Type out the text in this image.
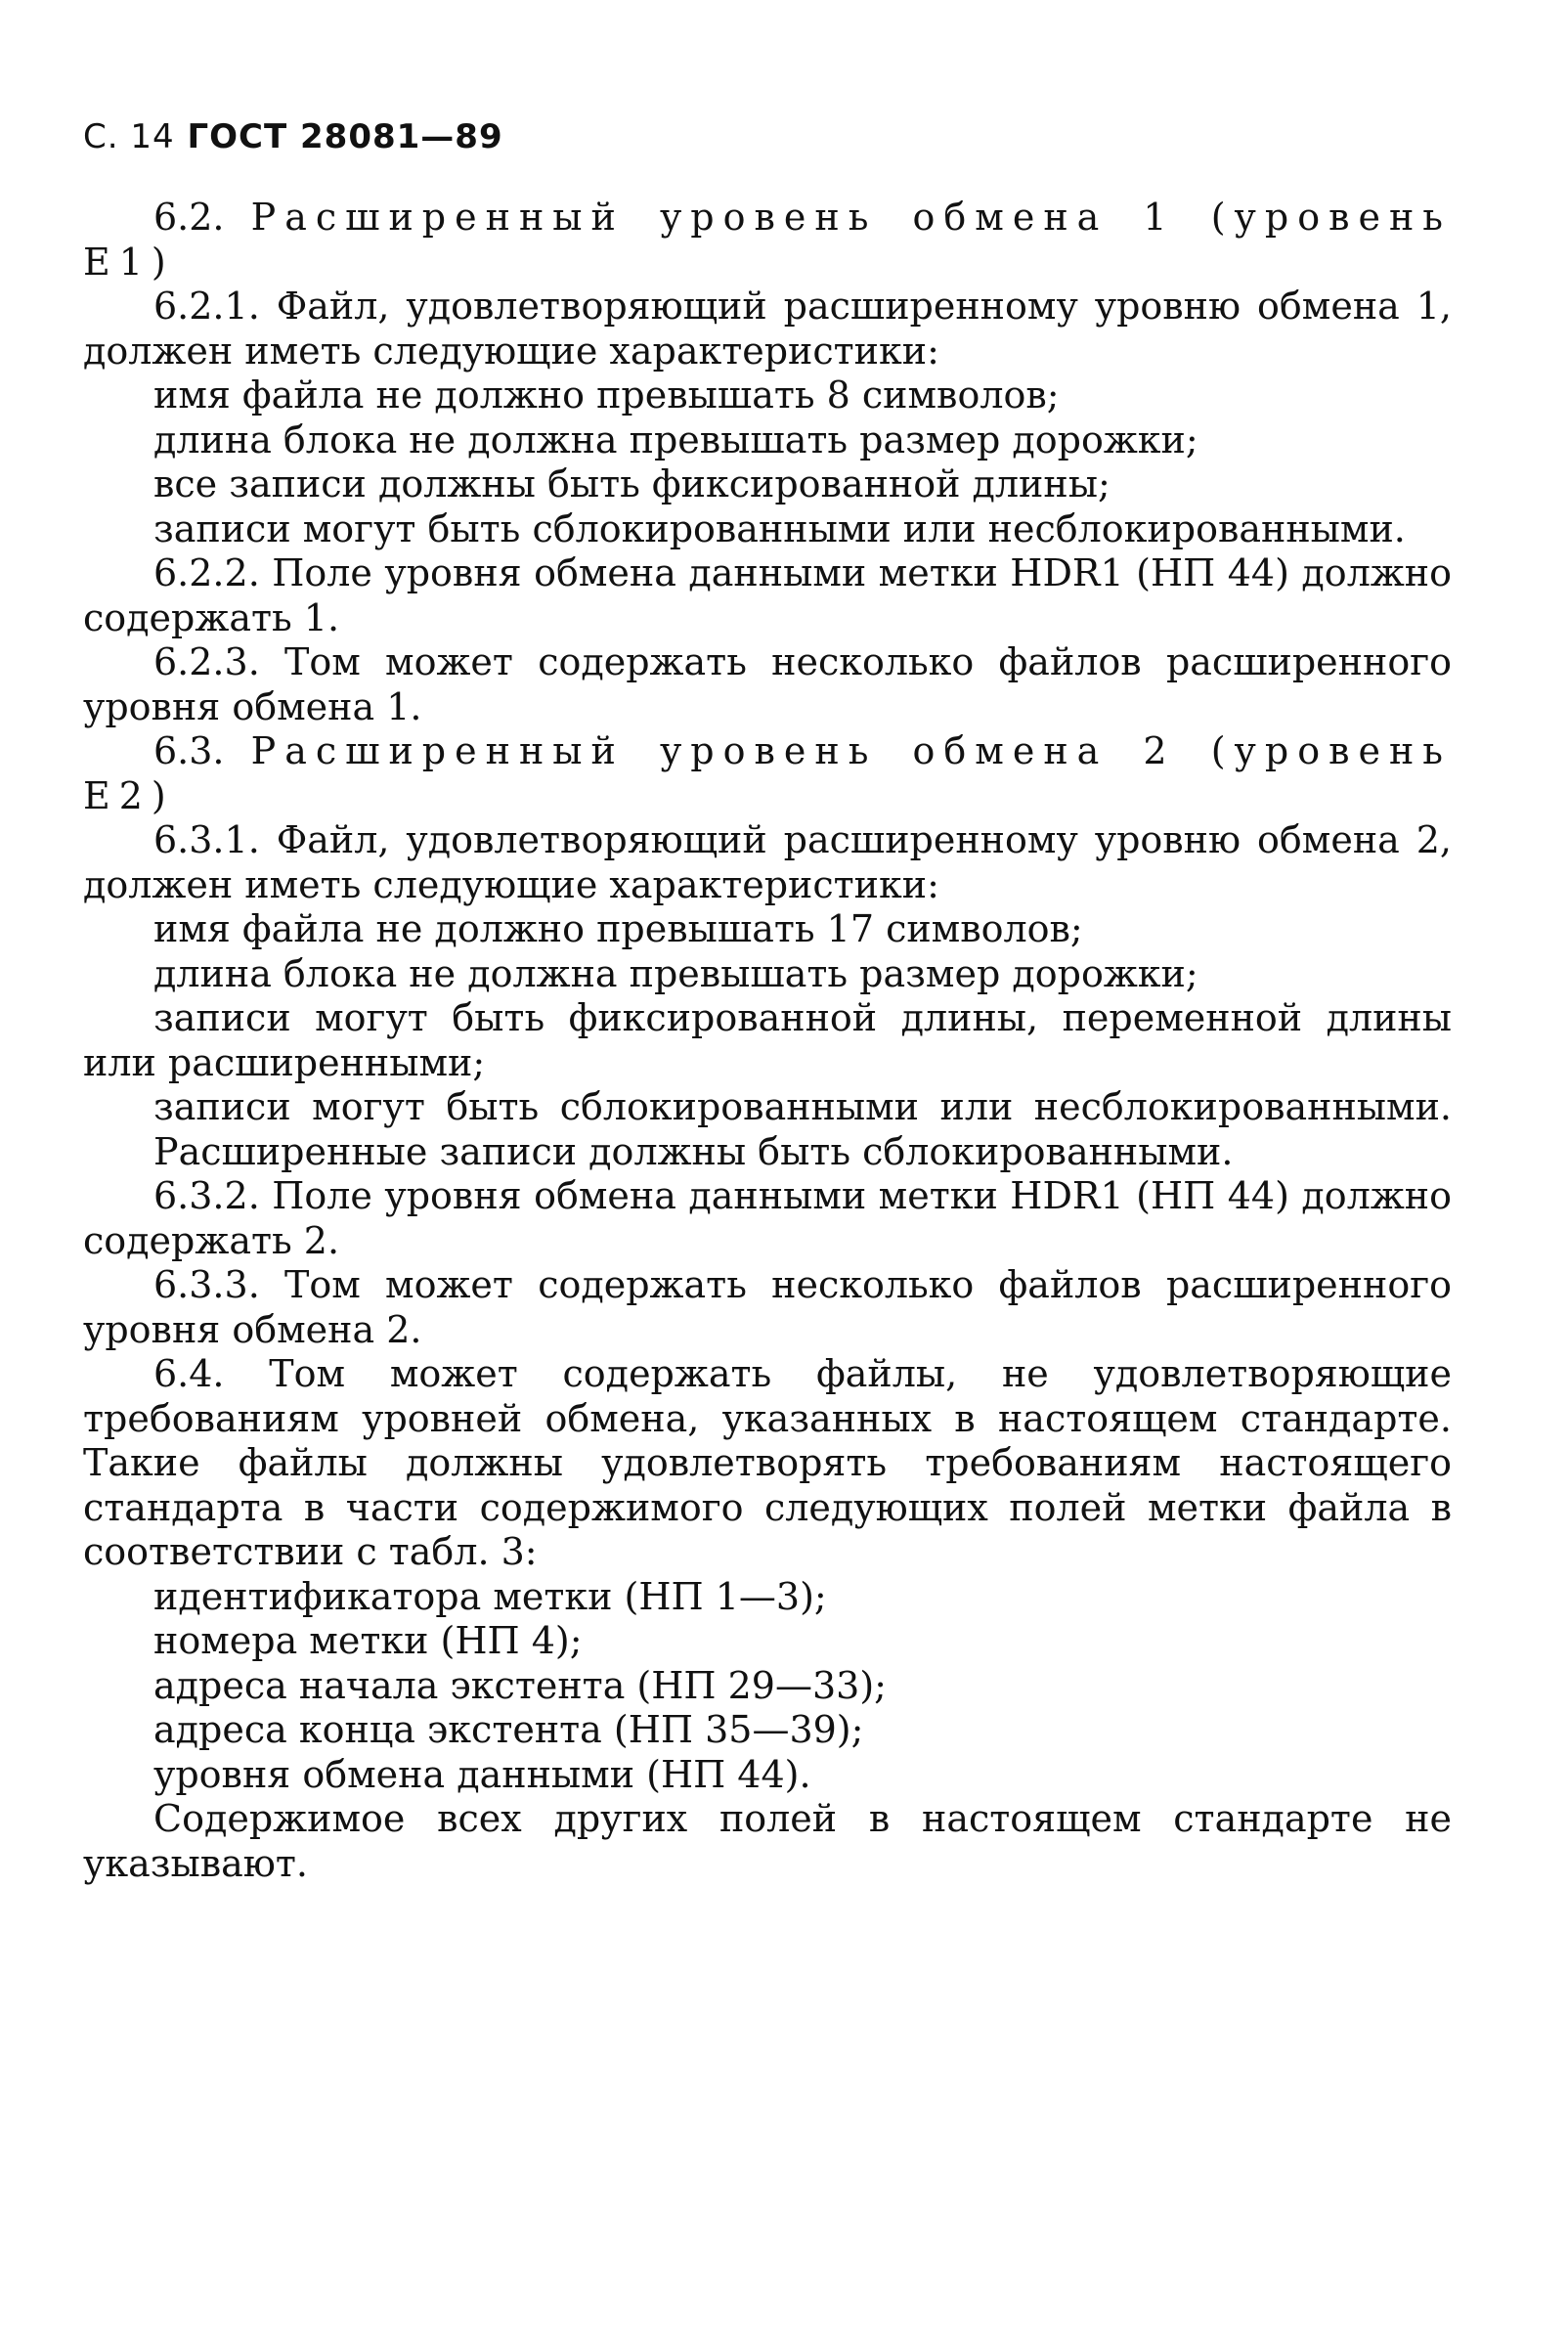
С. 14 ГОСТ 28081—89

6.2. Расширенный уровень обмена 1 (уровень E1)

6.2.1. Файл, удовлетворяющий расширенному уровню обмена 1, должен иметь следующие характеристики:

имя файла не должно превышать 8 символов;

длина блока не должна превышать размер дорожки;

все записи должны быть фиксированной длины;

записи могут быть сблокированными или несблокированными.

6.2.2. Поле уровня обмена данными метки HDR1 (НП 44) должно содержать 1.

6.2.3. Том может содержать несколько файлов расширенного уровня обмена 1.

6.3. Расширенный уровень обмена 2 (уровень E2)

6.3.1. Файл, удовлетворяющий расширенному уровню обмена 2, должен иметь следующие характеристики:

имя файла не должно превышать 17 символов;

длина блока не должна превышать размер дорожки;

записи могут быть фиксированной длины, переменной длины или расширенными;

записи могут быть сблокированными или несблокированными. Расширенные записи должны быть сблокированными.

6.3.2. Поле уровня обмена данными метки HDR1 (НП 44) должно содержать 2.

6.3.3. Том может содержать несколько файлов расширенного уровня обмена 2.

6.4. Том может содержать файлы, не удовлетворяющие требованиям уровней обмена, указанных в настоящем стандарте. Такие файлы должны удовлетворять требованиям настоящего стандарта в части содержимого следующих полей метки файла в соответствии с табл. 3:

идентификатора метки (НП 1—3);

номера метки (НП 4);

адреса начала экстента (НП 29—33);

адреса конца экстента (НП 35—39);

уровня обмена данными (НП 44).

Содержимое всех других полей в настоящем стандарте не указывают.
